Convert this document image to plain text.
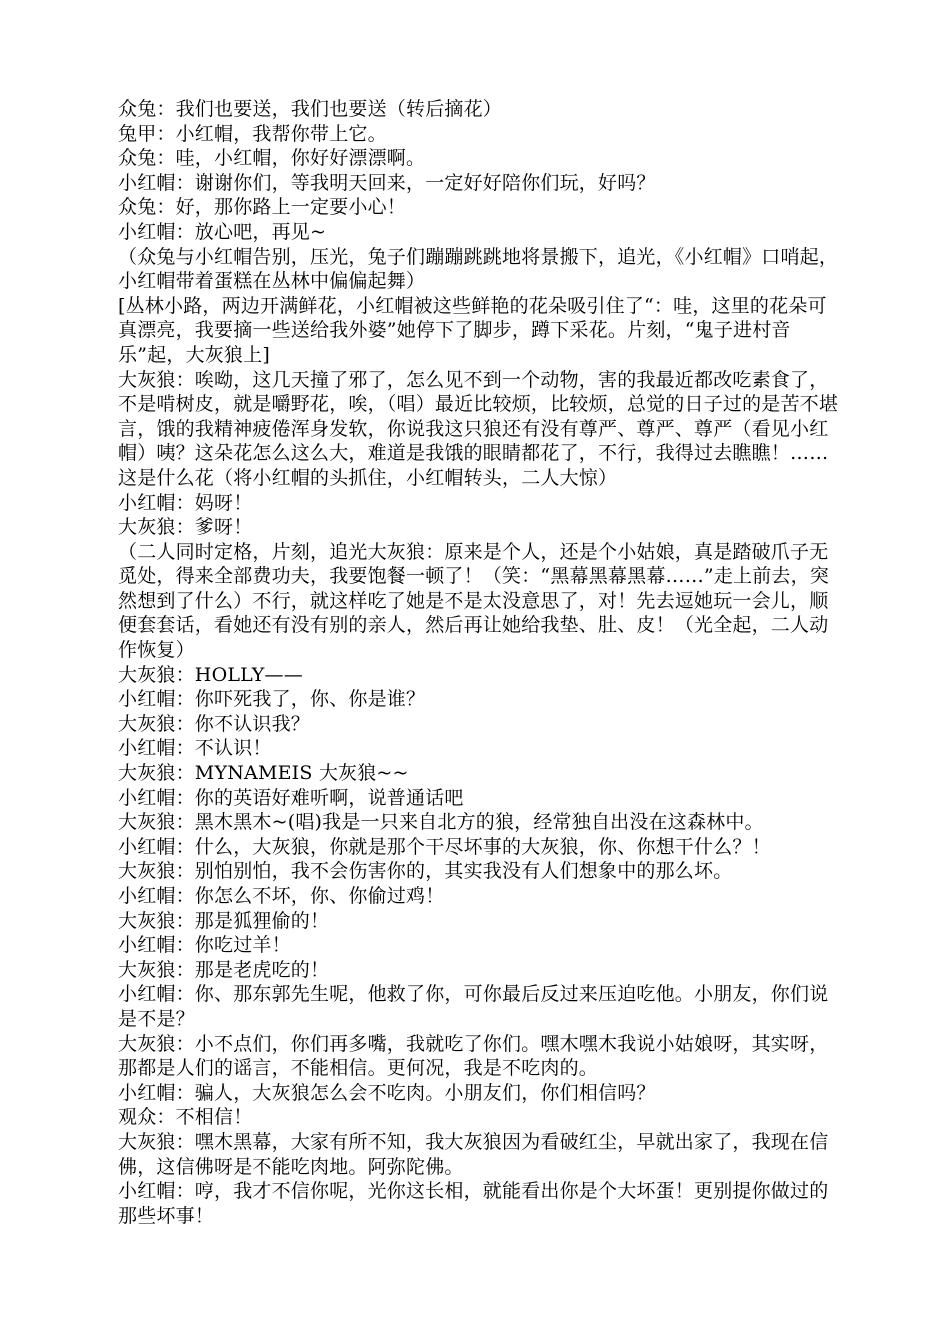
众兔：我们也要送，我们也要送（转后摘花）

兔甲：小红帽，我帮你带上它。

众兔：哇，小红帽，你好好漂漂啊。

小红帽：谢谢你们，等我明天回来，一定好好陪你们玩，好吗？

众兔：好，那你路上一定要小心！

小红帽：放心吧，再见~

（众兔与小红帽告别，压光，兔子们蹦蹦跳跳地将景搬下，追光，《小红帽》口哨起，小红帽带着蛋糕在丛林中偏偏起舞）

[丛林小路，两边开满鲜花，小红帽被这些鲜艳的花朵吸引住了“：哇，这里的花朵可真漂亮，我要摘一些送给我外婆”她停下了脚步，蹲下采花。片刻，“鬼子进村音乐”起，大灰狼上]

大灰狼：唉呦，这几天撞了邪了，怎么见不到一个动物，害的我最近都改吃素食了，不是啃树皮，就是嚼野花，唉，（唱）最近比较烦，比较烦，总觉的日子过的是苦不堪言，饿的我精神疲倦浑身发软，你说我这只狼还有没有尊严、尊严、尊严（看见小红帽）咦？这朵花怎么这么大，难道是我饿的眼睛都花了，不行，我得过去瞧瞧！……这是什么花（将小红帽的头抓住，小红帽转头，二人大惊）

小红帽：妈呀！

大灰狼：爹呀！

（二人同时定格，片刻，追光大灰狼：原来是个人，还是个小姑娘，真是踏破爪子无觅处，得来全部费功夫，我要饱餐一顿了！（笑：“黑幕黑幕黑幕……”走上前去，突然想到了什么）不行，就这样吃了她是不是太没意思了，对！先去逗她玩一会儿，顺便套套话，看她还有没有别的亲人，然后再让她给我垫、肚、皮！（光全起，二人动作恢复）

大灰狼：HOLLY——

小红帽：你吓死我了，你、你是谁？

大灰狼：你不认识我？

小红帽：不认识！

大灰狼：MYNAMEIS 大灰狼~~

小红帽：你的英语好难听啊，说普通话吧

大灰狼：黑木黑木~(唱)我是一只来自北方的狼，经常独自出没在这森林中。

小红帽：什么，大灰狼，你就是那个干尽坏事的大灰狼，你、你想干什么？！

大灰狼：别怕别怕，我不会伤害你的，其实我没有人们想象中的那么坏。

小红帽：你怎么不坏，你、你偷过鸡！

大灰狼：那是狐狸偷的！

小红帽：你吃过羊！

大灰狼：那是老虎吃的！

小红帽：你、那东郭先生呢，他救了你，可你最后反过来压迫吃他。小朋友，你们说是不是？

大灰狼：小不点们，你们再多嘴，我就吃了你们。嘿木嘿木我说小姑娘呀，其实呀，那都是人们的谣言，不能相信。更何况，我是不吃肉的。

小红帽：骗人，大灰狼怎么会不吃肉。小朋友们，你们相信吗？

观众：不相信！

大灰狼：嘿木黑幕，大家有所不知，我大灰狼因为看破红尘，早就出家了，我现在信佛，这信佛呀是不能吃肉地。阿弥陀佛。

小红帽：哼，我才不信你呢，光你这长相，就能看出你是个大坏蛋！更别提你做过的那些坏事！
